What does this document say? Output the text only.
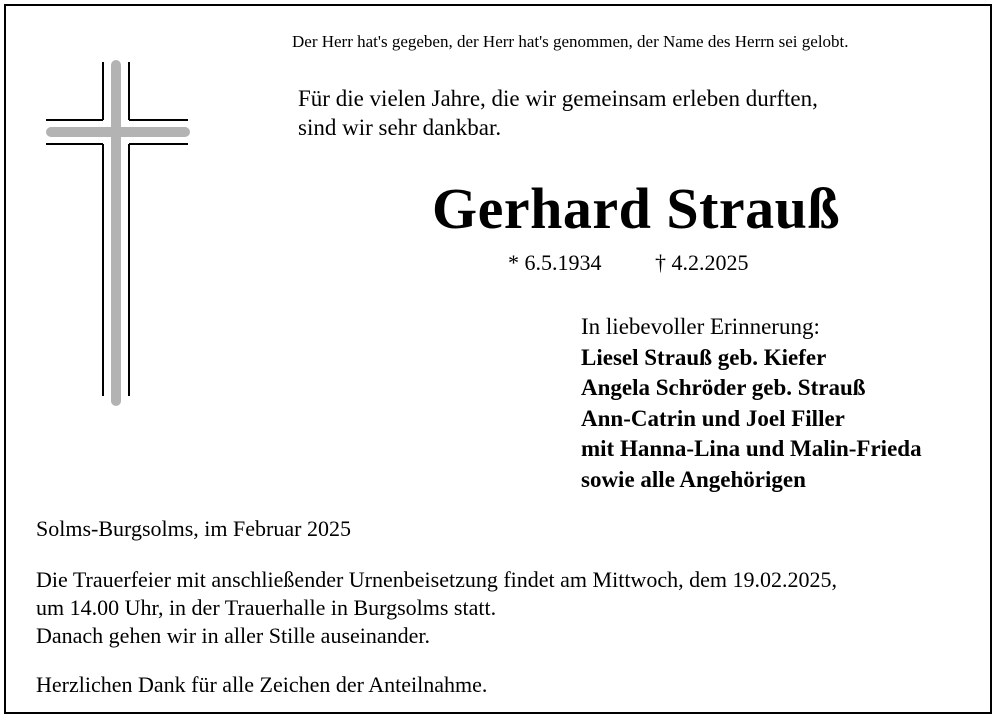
Der Herr hat's gegeben, der Herr hat's genommen, der Name des Herrn sei gelobt.
Für die vielen Jahre, die wir gemeinsam erleben durften,
sind wir sehr dankbar.
Gerhard Strauß
* 6.5.1934 † 4.2.2025
In liebevoller Erinnerung:
Liesel Strauß geb. Kiefer
Angela Schröder geb. Strauß
Ann-Catrin und Joel Filler
mit Hanna-Lina und Malin-Frieda
sowie alle Angehörigen
Solms-Burgsolms, im Februar 2025
Die Trauerfeier mit anschließender Urnenbeisetzung findet am Mittwoch, dem 19.02.2025,
um 14.00 Uhr, in der Trauerhalle in Burgsolms statt.
Danach gehen wir in aller Stille auseinander.
Herzlichen Dank für alle Zeichen der Anteilnahme.
